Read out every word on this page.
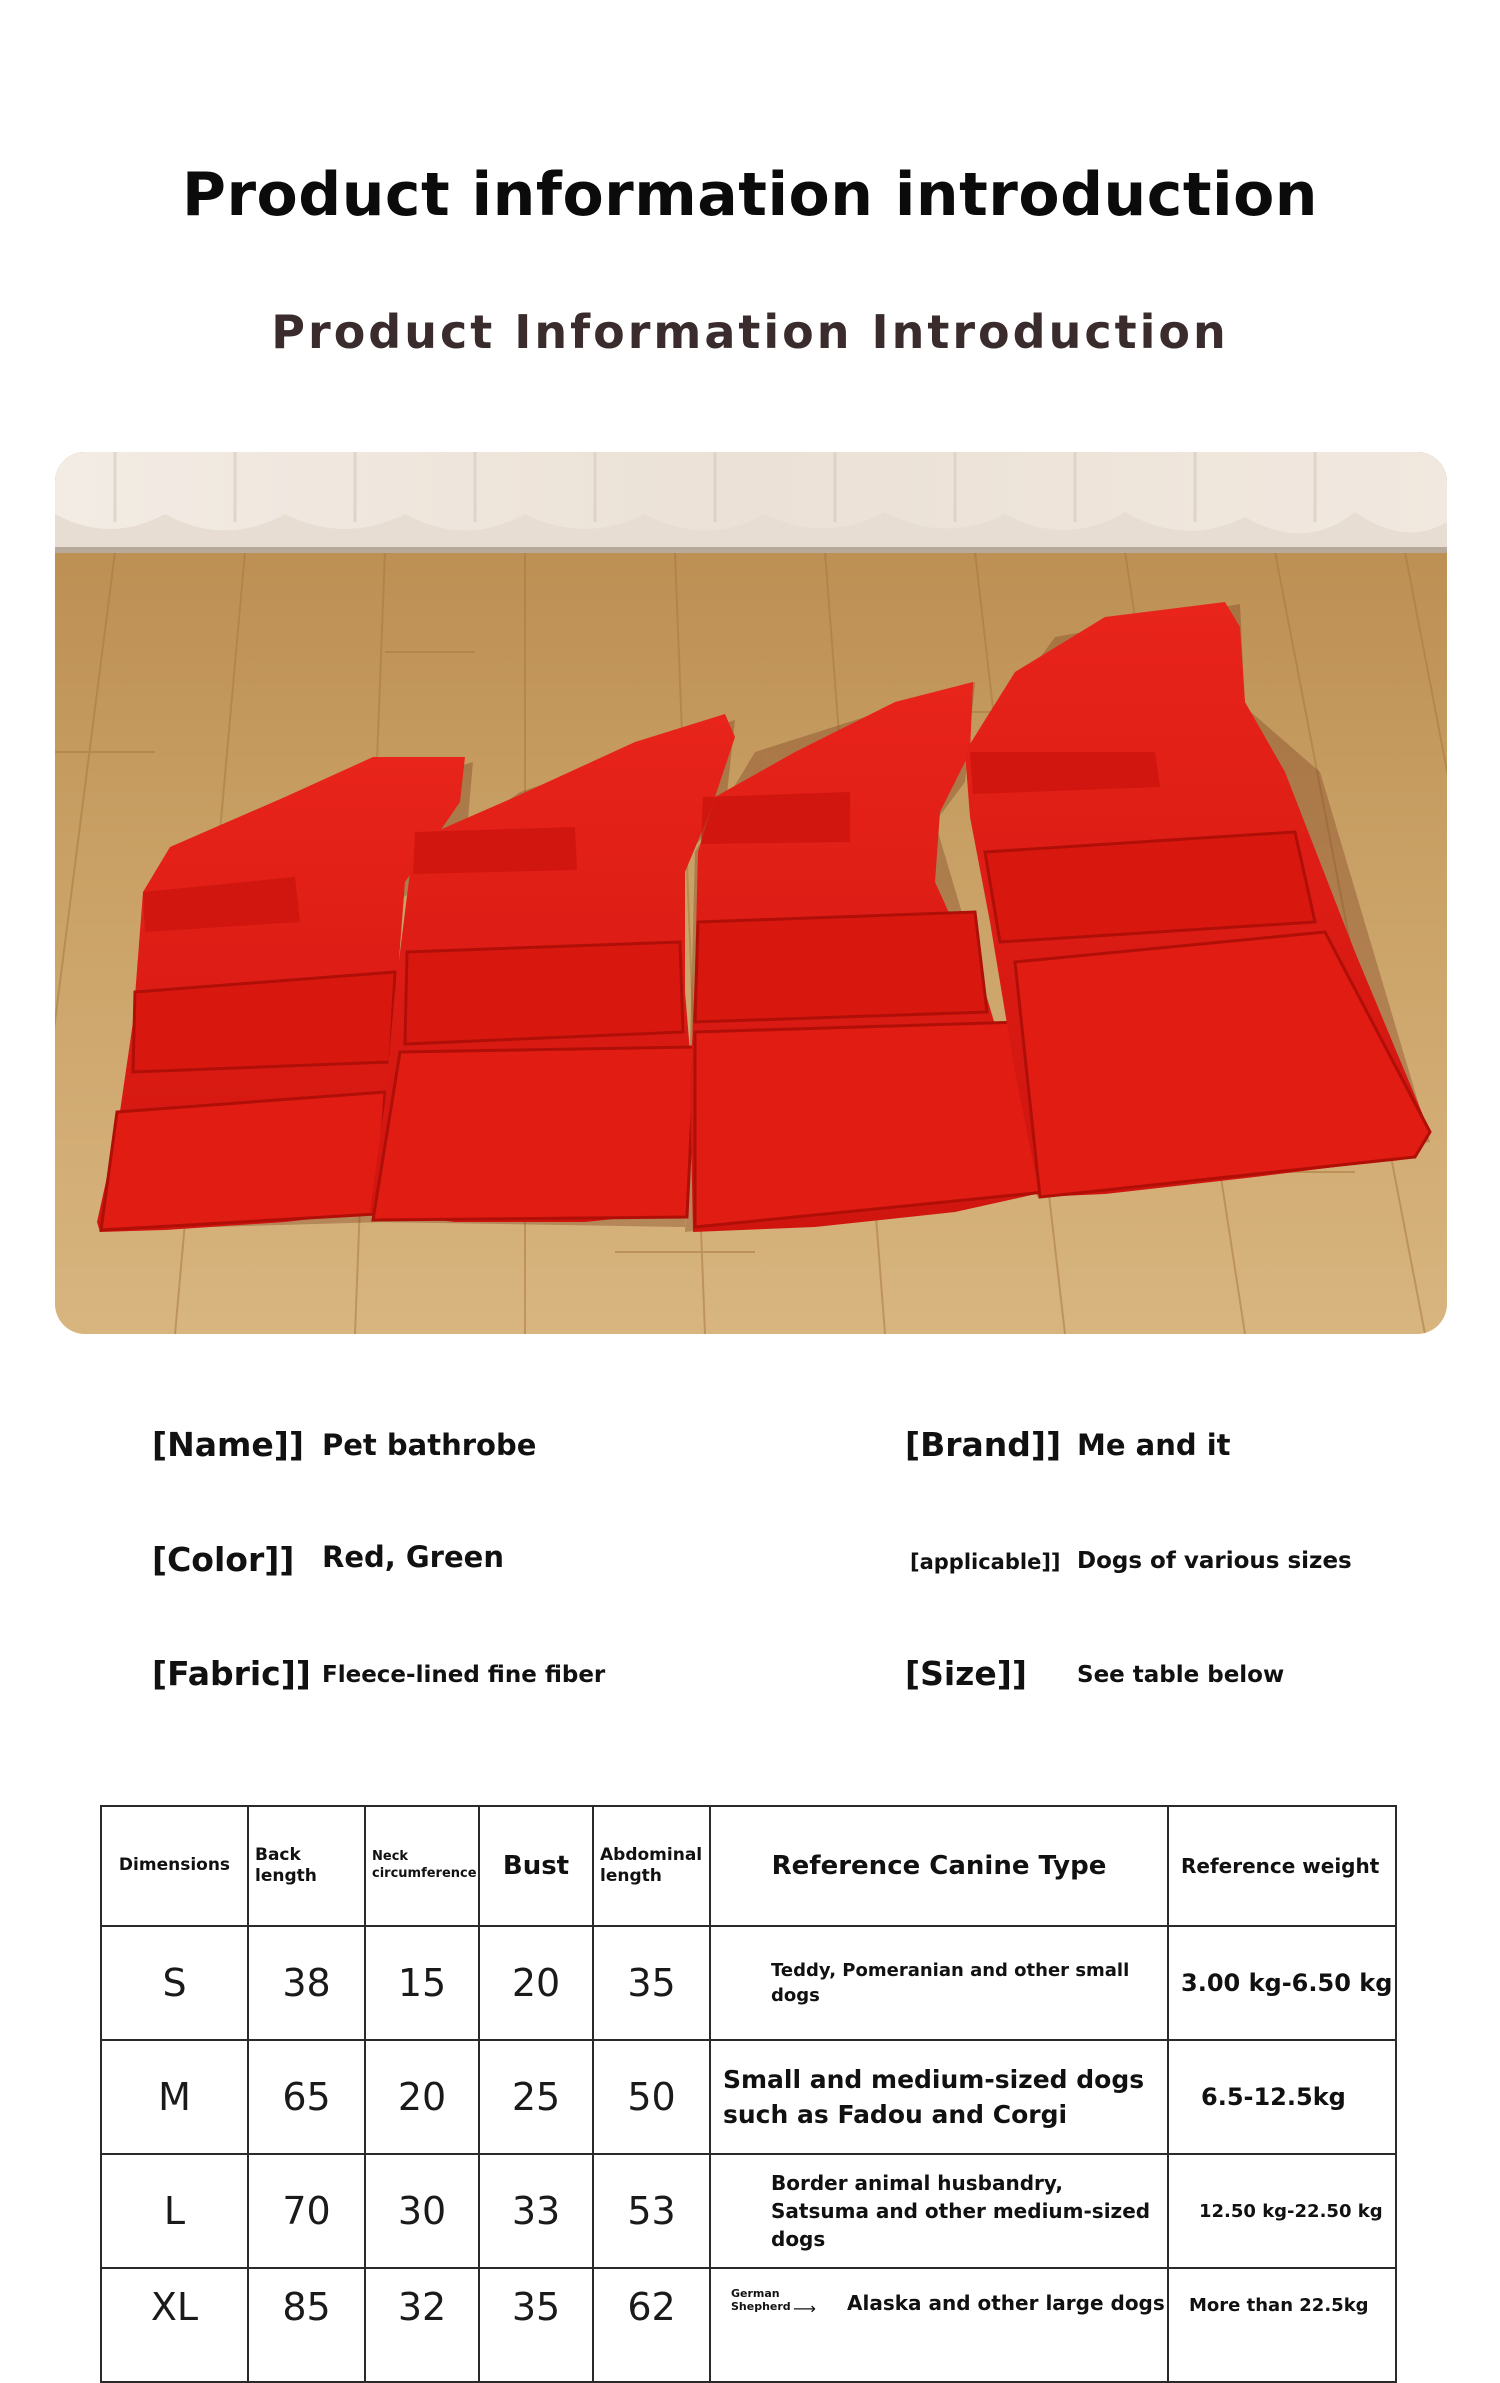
Product information introduction
Product Information Introduction
[Name]] Pet bathrobe	[Brand]] Me and it
[Color]] Red, Green	[applicable]] Dogs of various sizes
[Fabric]] Fleece-lined fine fiber	[Size]] See table below
Dimensions	Back length	Neck circumference	Bust	Abdominal length	Reference Canine Type	Reference weight
S	38	15	20	35	Teddy, Pomeranian and other small dogs	3.00 kg-6.50 kg
M	65	20	25	50	Small and medium-sized dogs such as Fadou and Corgi	6.5-12.5kg
L	70	30	33	53	Border animal husbandry, Satsuma and other medium-sized dogs	12.50 kg-22.50 kg
XL	85	32	35	62	German Shepherd ⟶ Alaska and other large dogs	More than 22.5kg
